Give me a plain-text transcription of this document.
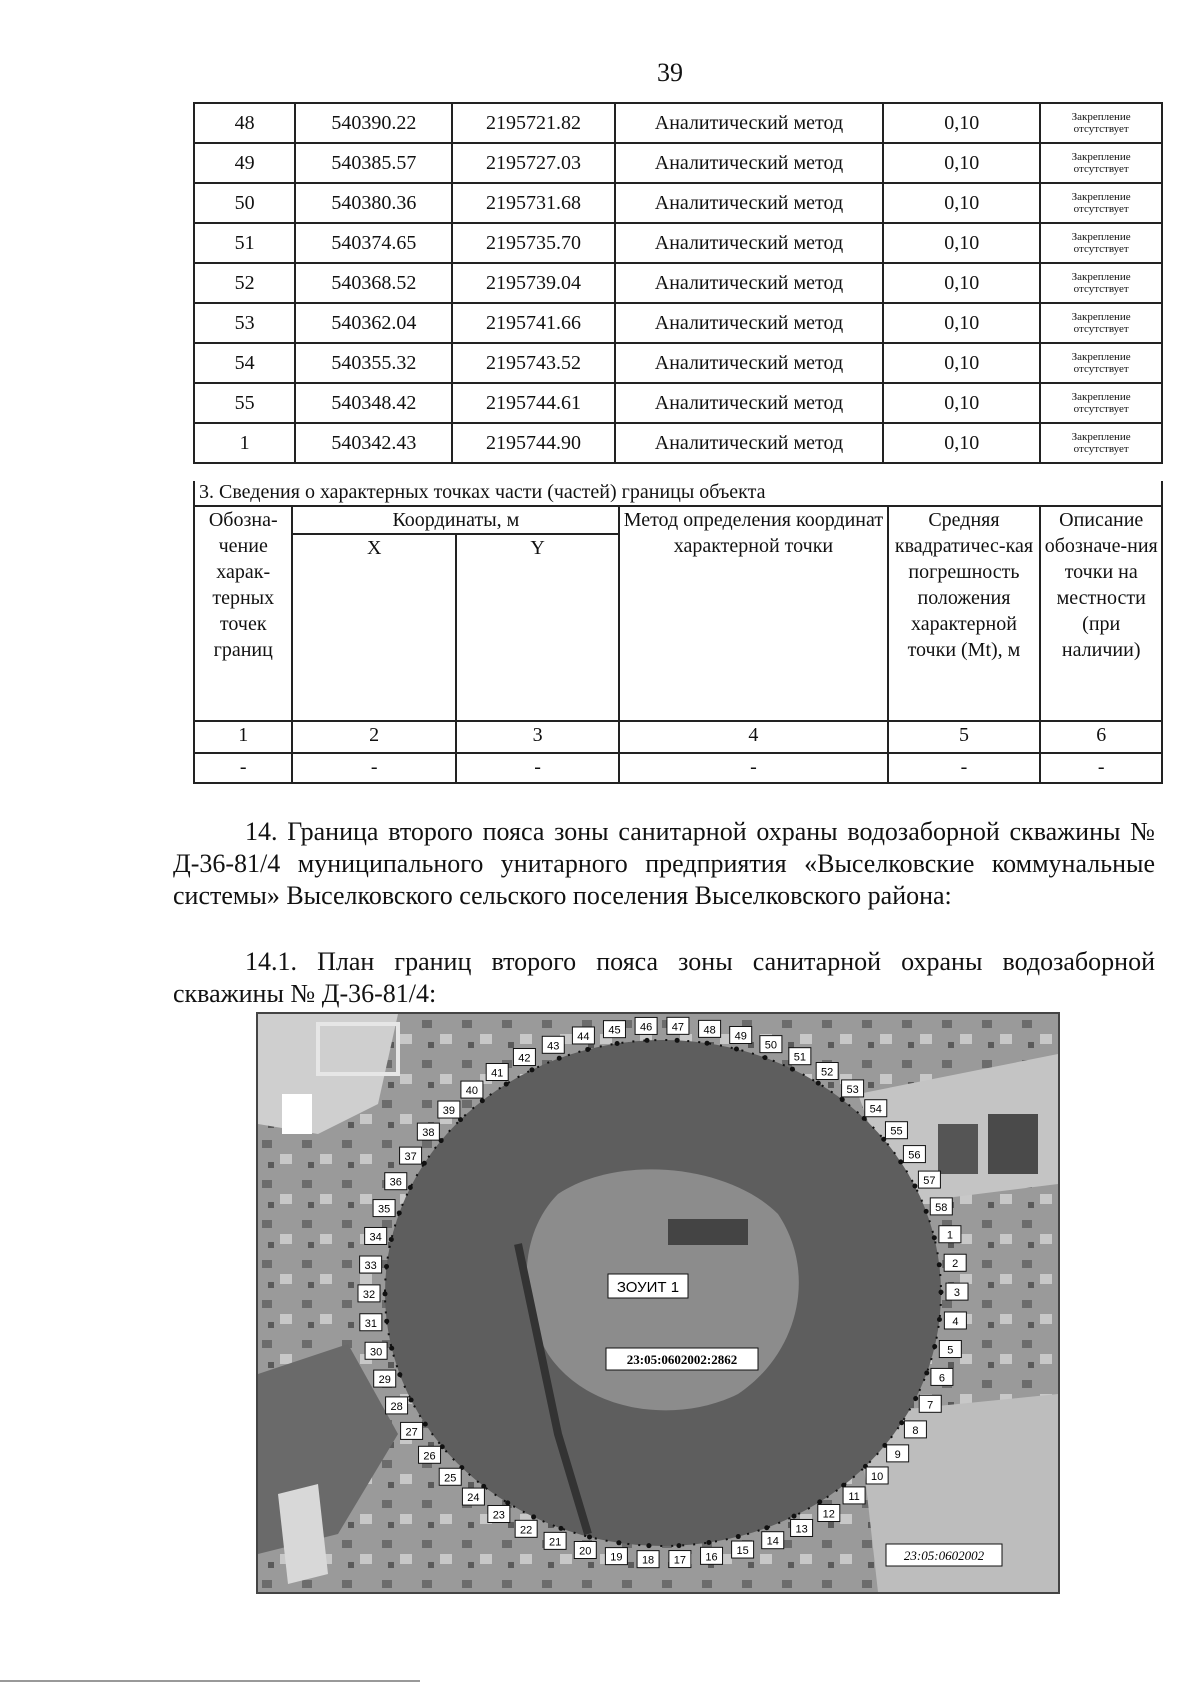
39
48	540390.22	2195721.82	Аналитический метод	0,10	Закрепление отсутствует
49	540385.57	2195727.03	Аналитический метод	0,10	Закрепление отсутствует
50	540380.36	2195731.68	Аналитический метод	0,10	Закрепление отсутствует
51	540374.65	2195735.70	Аналитический метод	0,10	Закрепление отсутствует
52	540368.52	2195739.04	Аналитический метод	0,10	Закрепление отсутствует
53	540362.04	2195741.66	Аналитический метод	0,10	Закрепление отсутствует
54	540355.32	2195743.52	Аналитический метод	0,10	Закрепление отсутствует
55	540348.42	2195744.61	Аналитический метод	0,10	Закрепление отсутствует
1	540342.43	2195744.90	Аналитический метод	0,10	Закрепление отсутствует
3. Сведения о характерных точках части (частей) границы объекта
Обозна-чение харак-терных точек границ	Координаты, м		Метод определения координат характерной точки	Средняя квадратичес-кая погрешность положения характерной точки (Mt), м	Описание обозначе-ния точки на местности (при наличии)
	X	Y			
1	2	3	4	5	6
-	-	-	-	-	-
14. Граница второго пояса зоны санитарной охраны водозаборной скважины № Д-36-81/4 муниципального унитарного предприятия «Выселковские коммунальные системы» Выселковского сельского поселения Выселковского района:
14.1. План границ второго пояса зоны санитарной охраны водозаборной скважины № Д-36-81/4:
1
2
3
4
5
6
7
8
9
10
11
12
13
14
15
16
17
18
19
20
21
22
23
24
25
26
27
28
29
30
31
32
33
34
35
36
37
38
39
40
41
42
43
44
45 46 47 48
49
50
51
52
53
54
55
56
57
58
ЗОУИТ 1
23:05:0602002:2862
23:05:0602002
